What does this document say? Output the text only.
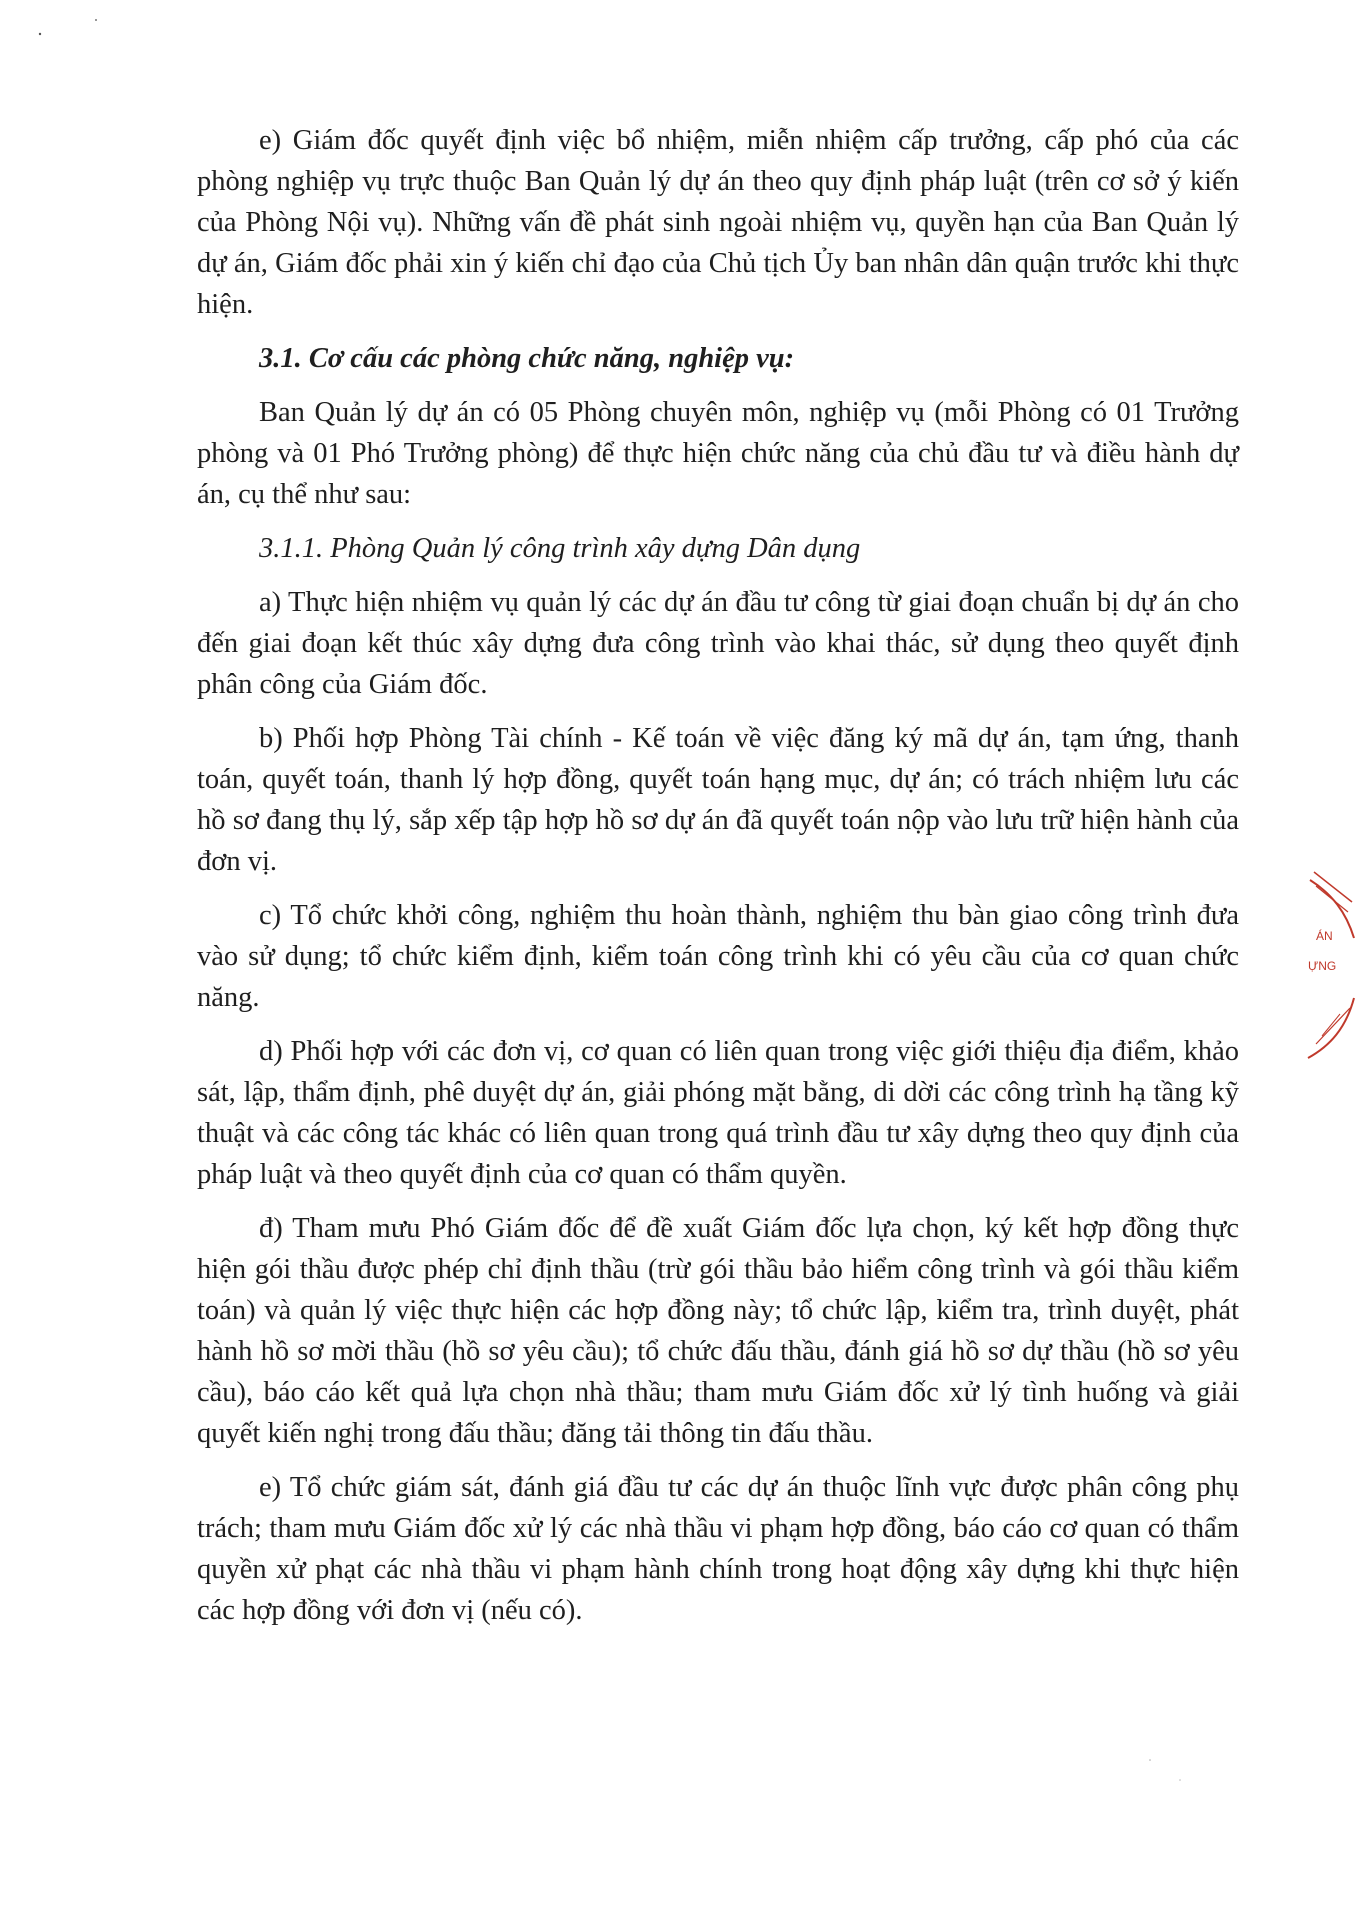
e) Giám đốc quyết định việc bổ nhiệm, miễn nhiệm cấp trưởng, cấp phó của các phòng nghiệp vụ trực thuộc Ban Quản lý dự án theo quy định pháp luật (trên cơ sở ý kiến của Phòng Nội vụ). Những vấn đề phát sinh ngoài nhiệm vụ, quyền hạn của Ban Quản lý dự án, Giám đốc phải xin ý kiến chỉ đạo của Chủ tịch Ủy ban nhân dân quận trước khi thực hiện.

3.1. Cơ cấu các phòng chức năng, nghiệp vụ:

Ban Quản lý dự án có 05 Phòng chuyên môn, nghiệp vụ (mỗi Phòng có 01 Trưởng phòng và 01 Phó Trưởng phòng) để thực hiện chức năng của chủ đầu tư và điều hành dự án, cụ thể như sau:

3.1.1. Phòng Quản lý công trình xây dựng Dân dụng

a) Thực hiện nhiệm vụ quản lý các dự án đầu tư công từ giai đoạn chuẩn bị dự án cho đến giai đoạn kết thúc xây dựng đưa công trình vào khai thác, sử dụng theo quyết định phân công của Giám đốc.

b) Phối hợp Phòng Tài chính - Kế toán về việc đăng ký mã dự án, tạm ứng, thanh toán, quyết toán, thanh lý hợp đồng, quyết toán hạng mục, dự án; có trách nhiệm lưu các hồ sơ đang thụ lý, sắp xếp tập hợp hồ sơ dự án đã quyết toán nộp vào lưu trữ hiện hành của đơn vị.

c) Tổ chức khởi công, nghiệm thu hoàn thành, nghiệm thu bàn giao công trình đưa vào sử dụng; tổ chức kiểm định, kiểm toán công trình khi có yêu cầu của cơ quan chức năng.

d) Phối hợp với các đơn vị, cơ quan có liên quan trong việc giới thiệu địa điểm, khảo sát, lập, thẩm định, phê duyệt dự án, giải phóng mặt bằng, di dời các công trình hạ tầng kỹ thuật và các công tác khác có liên quan trong quá trình đầu tư xây dựng theo quy định của pháp luật và theo quyết định của cơ quan có thẩm quyền.

đ) Tham mưu Phó Giám đốc để đề xuất Giám đốc lựa chọn, ký kết hợp đồng thực hiện gói thầu được phép chỉ định thầu (trừ gói thầu bảo hiểm công trình và gói thầu kiểm toán) và quản lý việc thực hiện các hợp đồng này; tổ chức lập, kiểm tra, trình duyệt, phát hành hồ sơ mời thầu (hồ sơ yêu cầu); tổ chức đấu thầu, đánh giá hồ sơ dự thầu (hồ sơ yêu cầu), báo cáo kết quả lựa chọn nhà thầu; tham mưu Giám đốc xử lý tình huống và giải quyết kiến nghị trong đấu thầu; đăng tải thông tin đấu thầu.

e) Tổ chức giám sát, đánh giá đầu tư các dự án thuộc lĩnh vực được phân công phụ trách; tham mưu Giám đốc xử lý các nhà thầu vi phạm hợp đồng, báo cáo cơ quan có thẩm quyền xử phạt các nhà thầu vi phạm hành chính trong hoạt động xây dựng khi thực hiện các hợp đồng với đơn vị (nếu có).

ÁN
ỰNG
